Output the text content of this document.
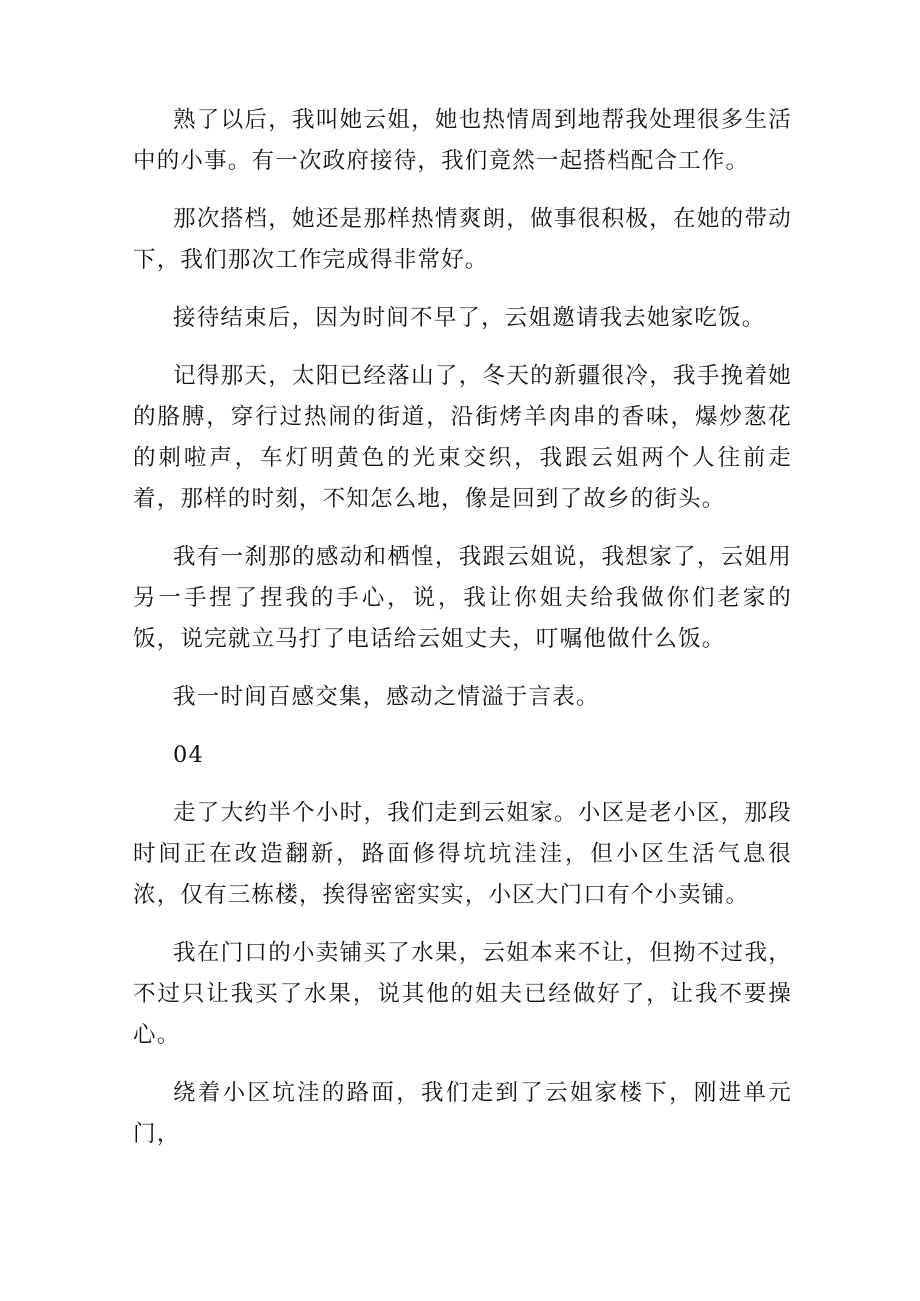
熟了以后，我叫她云姐，她也热情周到地帮我处理很多生活中的小事。有一次政府接待，我们竟然一起搭档配合工作。

那次搭档，她还是那样热情爽朗，做事很积极，在她的带动下，我们那次工作完成得非常好。

接待结束后，因为时间不早了，云姐邀请我去她家吃饭。

记得那天，太阳已经落山了，冬天的新疆很冷，我手挽着她的胳膊，穿行过热闹的街道，沿街烤羊肉串的香味，爆炒葱花的刺啦声，车灯明黄色的光束交织，我跟云姐两个人往前走着，那样的时刻，不知怎么地，像是回到了故乡的街头。

我有一刹那的感动和栖惶，我跟云姐说，我想家了，云姐用另一手捏了捏我的手心，说，我让你姐夫给我做你们老家的饭，说完就立马打了电话给云姐丈夫，叮嘱他做什么饭。

我一时间百感交集，感动之情溢于言表。

04

走了大约半个小时，我们走到云姐家。小区是老小区，那段时间正在改造翻新，路面修得坑坑洼洼，但小区生活气息很浓，仅有三栋楼，挨得密密实实，小区大门口有个小卖铺。

我在门口的小卖铺买了水果，云姐本来不让，但拗不过我，不过只让我买了水果，说其他的姐夫已经做好了，让我不要操心。

绕着小区坑洼的路面，我们走到了云姐家楼下，刚进单元门，
